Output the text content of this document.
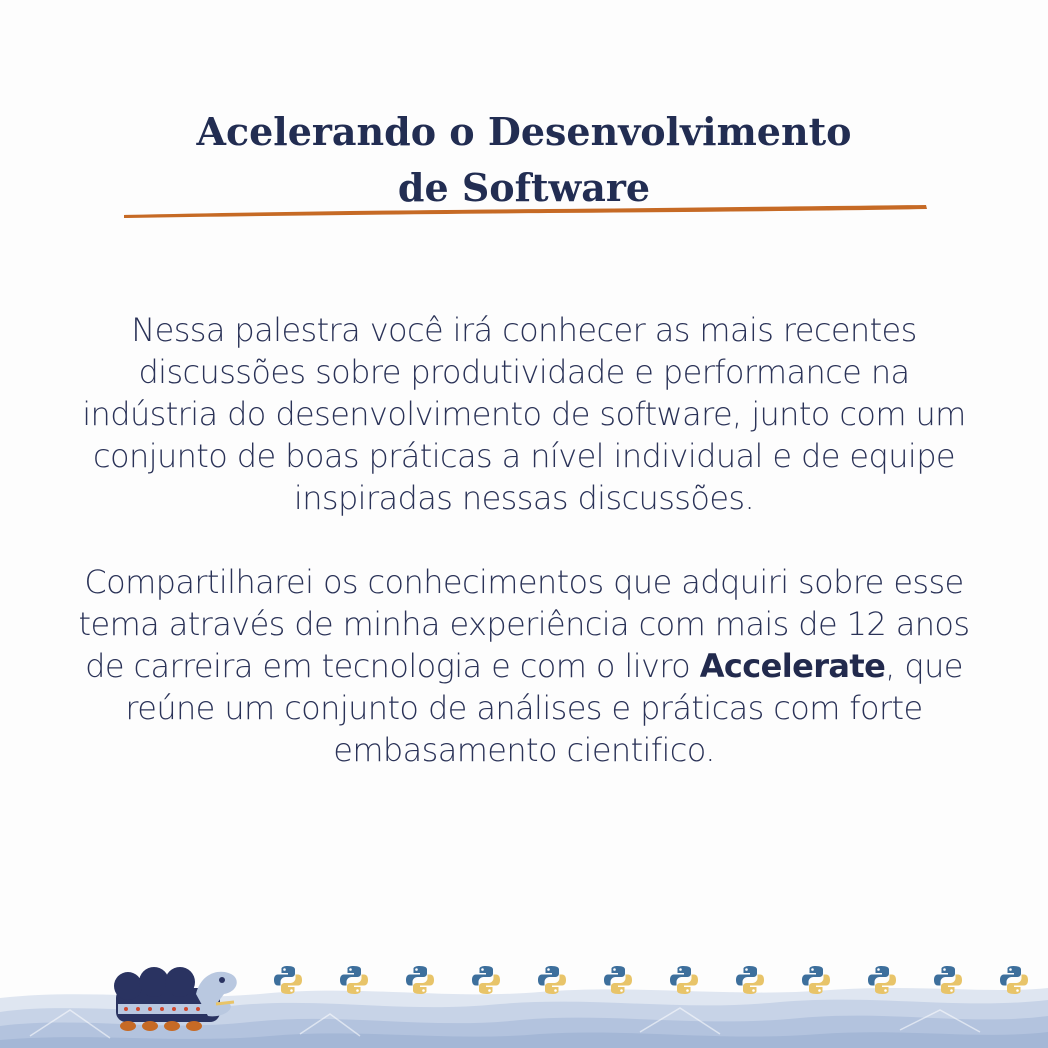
Acelerando o Desenvolvimento
de Software

Nessa palestra você irá conhecer as mais recentes discussões sobre produtividade e performance na indústria do desenvolvimento de software, junto com um conjunto de boas práticas a nível individual e de equipe inspiradas nessas discussões.

Compartilharei os conhecimentos que adquiri sobre esse tema através de minha experiência com mais de 12 anos de carreira em tecnologia e com o livro Accelerate, que reúne um conjunto de análises e práticas com forte embasamento cientifico.
